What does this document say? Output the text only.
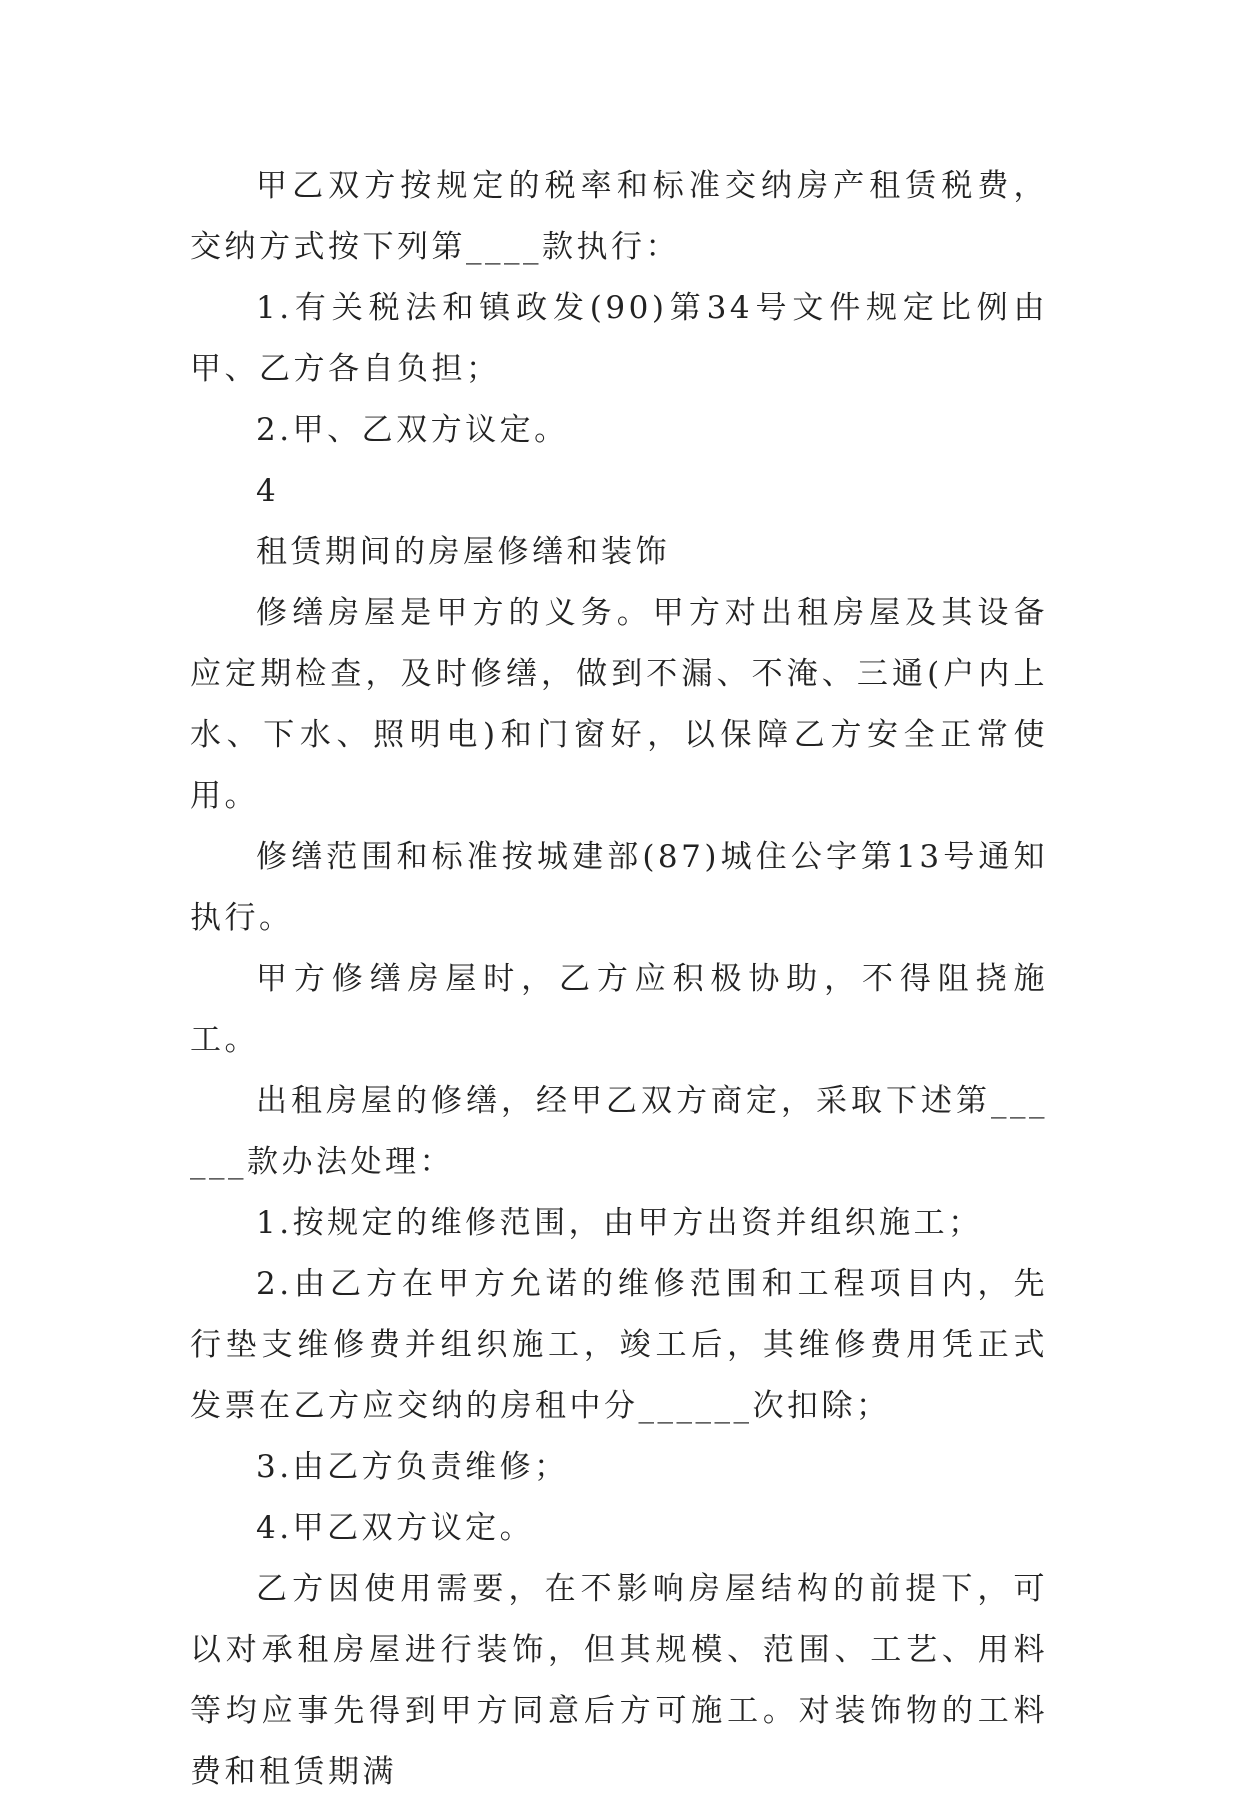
甲乙双方按规定的税率和标准交纳房产租赁税费，交纳方式按下列第____款执行：

1.有关税法和镇政发(90)第34号文件规定比例由甲、乙方各自负担；

2.甲、乙双方议定。

4

租赁期间的房屋修缮和装饰

修缮房屋是甲方的义务。甲方对出租房屋及其设备应定期检查，及时修缮，做到不漏、不淹、三通(户内上水、下水、照明电)和门窗好，以保障乙方安全正常使用。

修缮范围和标准按城建部(87)城住公字第13号通知执行。

甲方修缮房屋时，乙方应积极协助，不得阻挠施工。

出租房屋的修缮，经甲乙双方商定，采取下述第______款办法处理：

1.按规定的维修范围，由甲方出资并组织施工；

2.由乙方在甲方允诺的维修范围和工程项目内，先行垫支维修费并组织施工，竣工后，其维修费用凭正式发票在乙方应交纳的房租中分______次扣除；

3.由乙方负责维修；

4.甲乙双方议定。

乙方因使用需要，在不影响房屋结构的前提下，可以对承租房屋进行装饰，但其规模、范围、工艺、用料等均应事先得到甲方同意后方可施工。对装饰物的工料费和租赁期满
